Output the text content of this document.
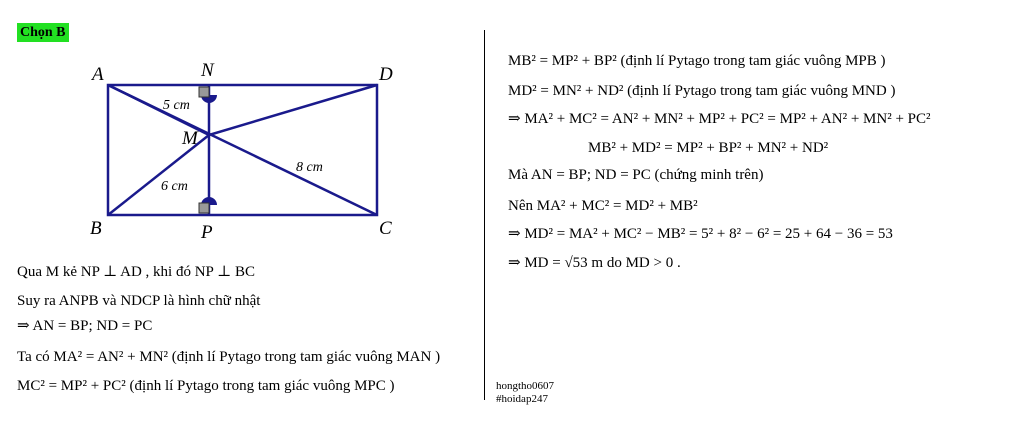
Chọn B
A	N	D
M
B	P	C
5 cm
6 cm
8 cm
Qua M kẻ NP ⊥ AD , khi đó NP ⊥ BC
Suy ra ANPB và NDCP là hình chữ nhật
⇒ AN = BP; ND = PC
Ta có MA² = AN² + MN² (định lí Pytago trong tam giác vuông MAN )
MC² = MP² + PC² (định lí Pytago trong tam giác vuông MPC )
MB² = MP² + BP² (định lí Pytago trong tam giác vuông MPB )
MD² = MN² + ND² (định lí Pytago trong tam giác vuông MND )
⇒ MA² + MC² = AN² + MN² + MP² + PC² = MP² + AN² + MN² + PC²
MB² + MD² = MP² + BP² + MN² + ND²
Mà AN = BP; ND = PC (chứng minh trên)
Nên MA² + MC² = MD² + MB²
⇒ MD² = MA² + MC² − MB² = 5² + 8² − 6² = 25 + 64 − 36 = 53
⇒ MD = √53 m do MD > 0 .
hongtho0607
#hoidap247
